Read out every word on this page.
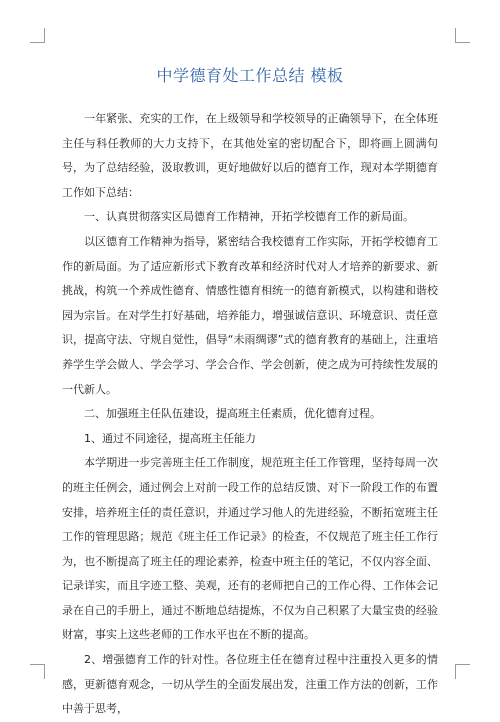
中学德育处工作总结 模板

一年紧张、充实的工作，在上级领导和学校领导的正确领导下，在全体班主任与科任教师的大力支持下，在其他处室的密切配合下，即将画上圆满句号，为了总结经验，汲取教训，更好地做好以后的德育工作，现对本学期德育工作如下总结：

一、认真贯彻落实区局德育工作精神，开拓学校德育工作的新局面。

以区德育工作精神为指导，紧密结合我校德育工作实际，开拓学校德育工作的新局面。为了适应新形式下教育改革和经济时代对人才培养的新要求、新挑战，构筑一个养成性德育、情感性德育相统一的德育新模式，以构建和谐校园为宗旨。在对学生打好基础，培养能力，增强诚信意识、环境意识、责任意识，提高守法、守规自觉性，倡导“未雨绸谬”式的德育教育的基础上，注重培养学生学会做人、学会学习、学会合作、学会创新，使之成为可持续性发展的一代新人。

二、加强班主任队伍建设，提高班主任素质，优化德育过程。

1、通过不同途径，提高班主任能力

本学期进一步完善班主任工作制度，规范班主任工作管理，坚持每周一次的班主任例会，通过例会上对前一段工作的总结反馈、对下一阶段工作的布置安排，培养班主任的责任意识，并通过学习他人的先进经验，不断拓宽班主任工作的管理思路；规范《班主任工作记录》的检查，不仅规范了班主任工作行为，也不断提高了班主任的理论素养，检查中班主任的笔记，不仅内容全面、记录详实，而且字迹工整、美观，还有的老师把自己的工作心得、工作体会记录在自己的手册上，通过不断地总结提炼，不仅为自己积累了大量宝贵的经验财富，事实上这些老师的工作水平也在不断的提高。

2、增强德育工作的针对性。各位班主任在德育过程中注重投入更多的情感，更新德育观念，一切从学生的全面发展出发，注重工作方法的创新，工作中善于思考，
